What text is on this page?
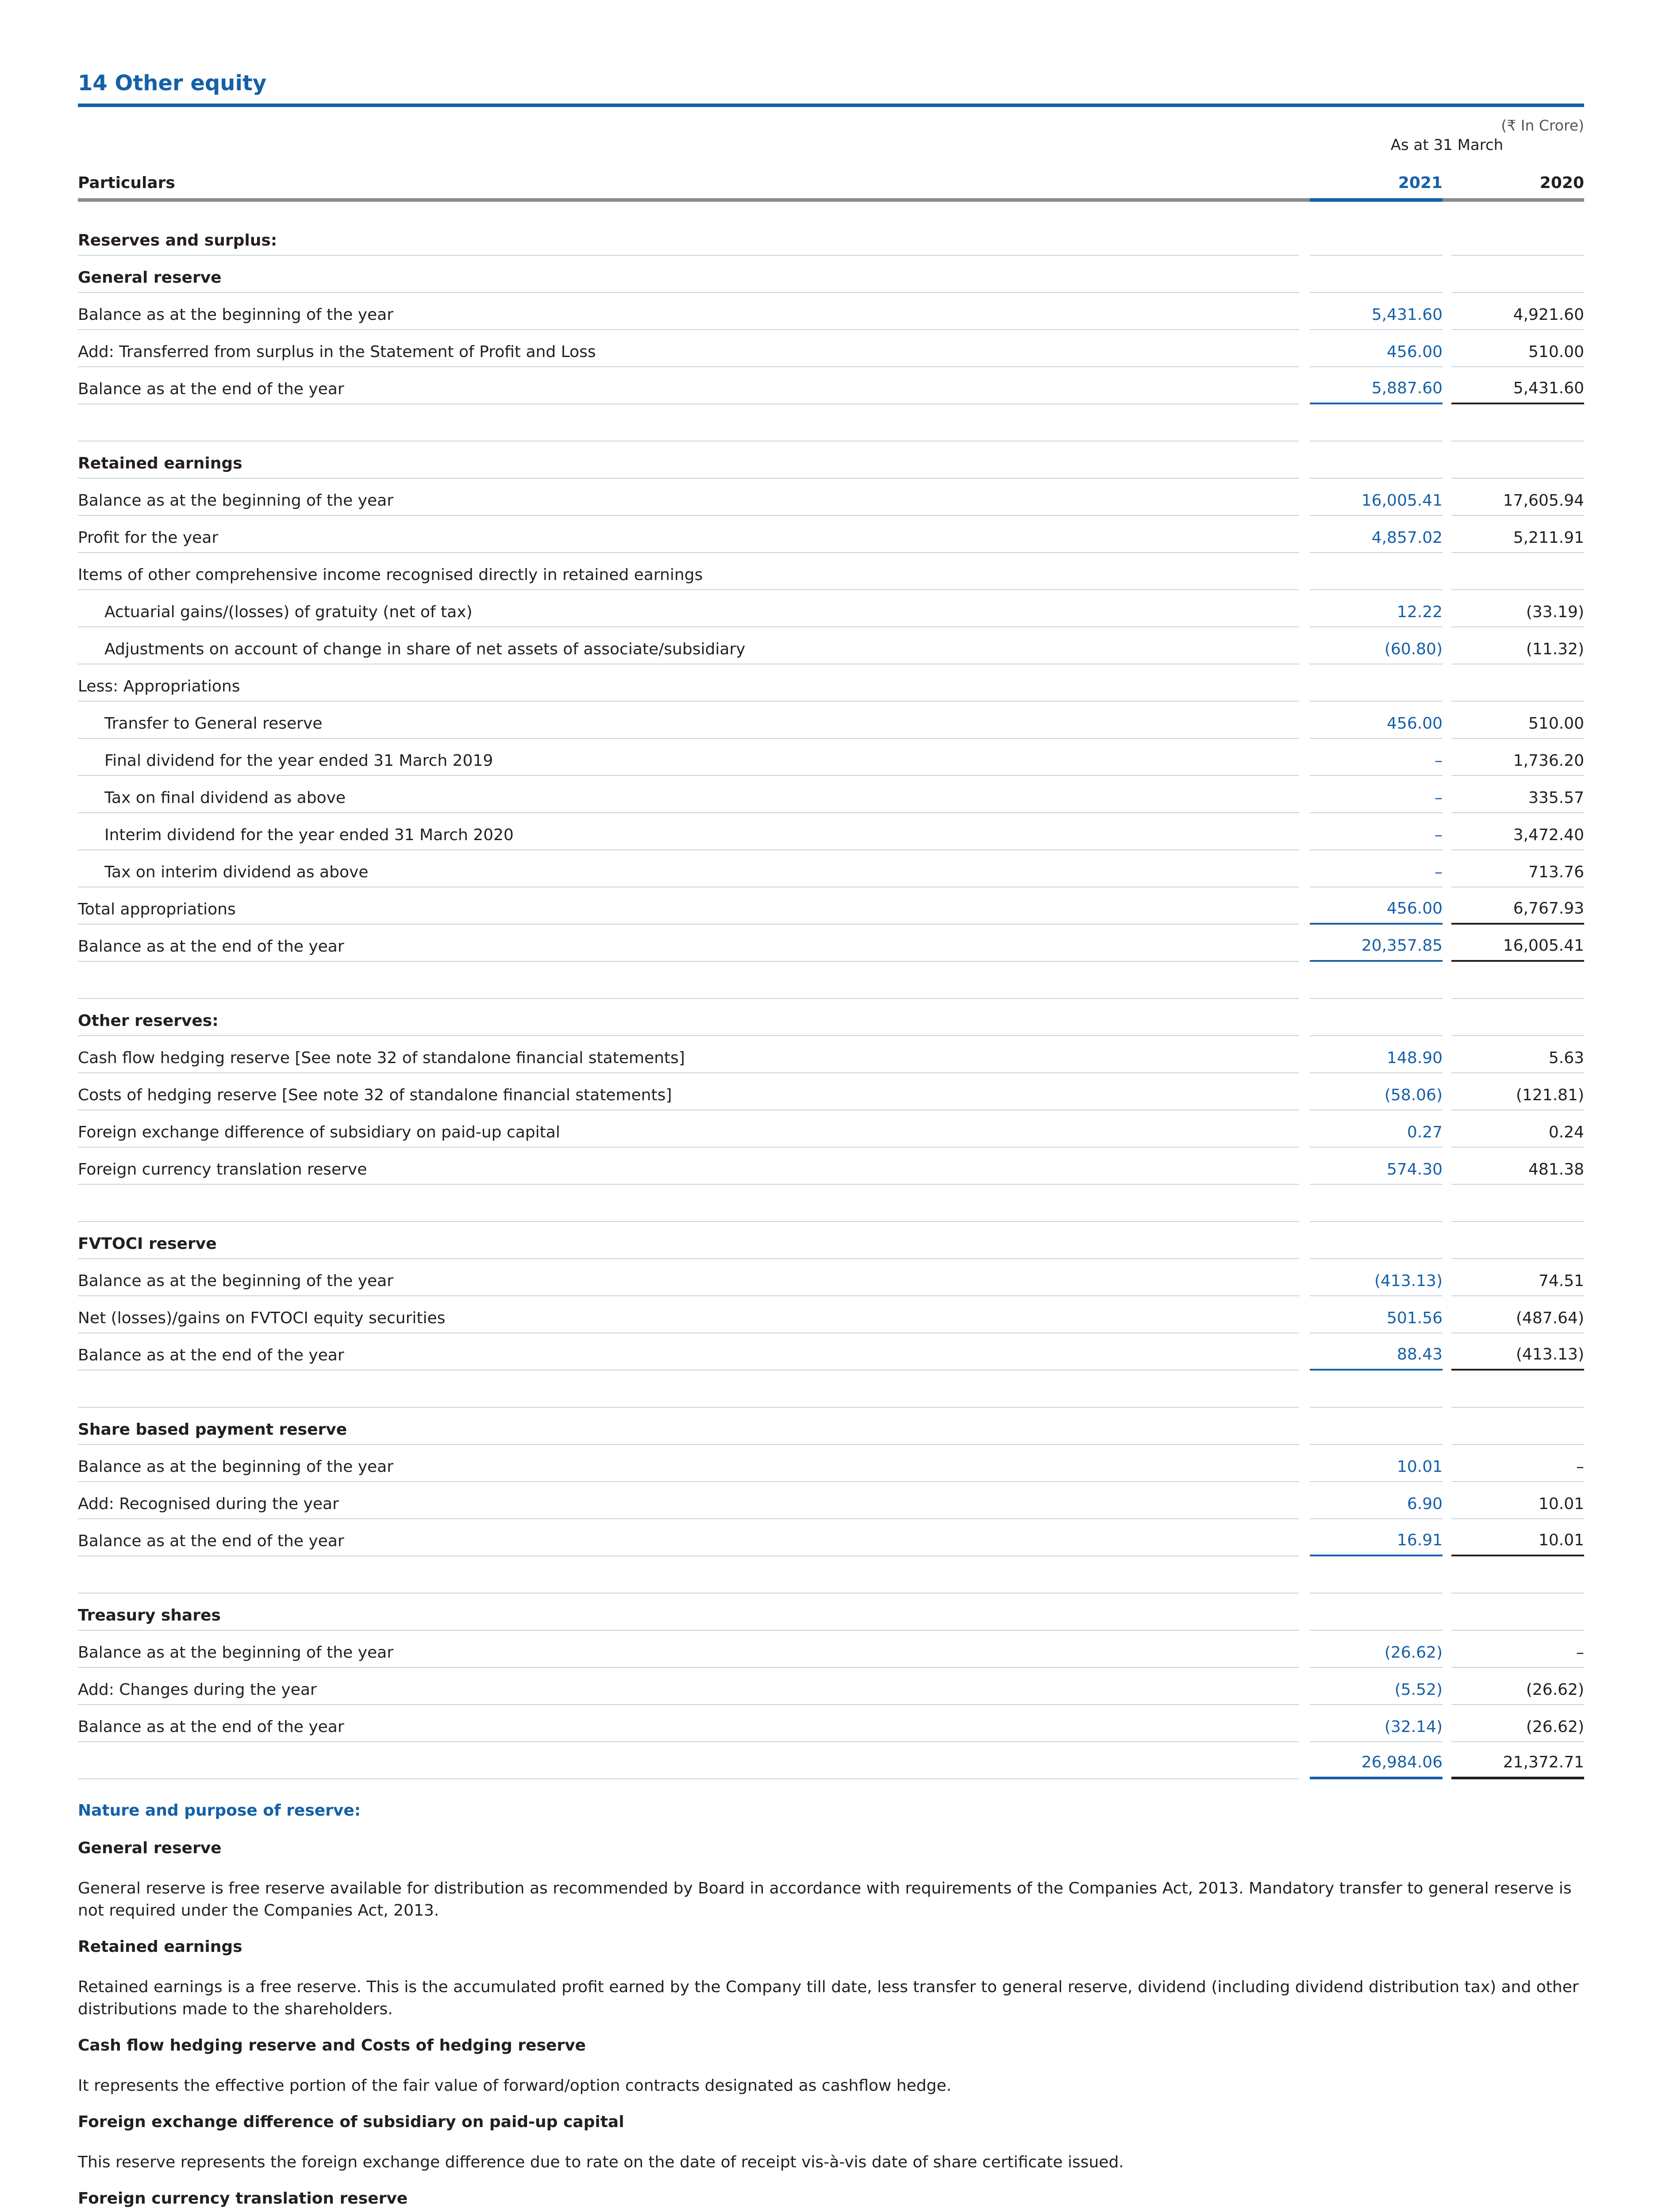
14 Other equity
(₹ In Crore)
As at 31 March
Particulars	2021	2020
Reserves and surplus:
General reserve
Balance as at the beginning of the year	5,431.60	4,921.60
Add: Transferred from surplus in the Statement of Profit and Loss	456.00	510.00
Balance as at the end of the year	5,887.60	5,431.60
Retained earnings
Balance as at the beginning of the year	16,005.41	17,605.94
Profit for the year	4,857.02	5,211.91
Items of other comprehensive income recognised directly in retained earnings
Actuarial gains/(losses) of gratuity (net of tax)	12.22	(33.19)
Adjustments on account of change in share of net assets of associate/subsidiary	(60.80)	(11.32)
Less: Appropriations
Transfer to General reserve	456.00	510.00
Final dividend for the year ended 31 March 2019	–	1,736.20
Tax on final dividend as above	–	335.57
Interim dividend for the year ended 31 March 2020	–	3,472.40
Tax on interim dividend as above	–	713.76
Total appropriations	456.00	6,767.93
Balance as at the end of the year	20,357.85	16,005.41
Other reserves:
Cash flow hedging reserve [See note 32 of standalone financial statements]	148.90	5.63
Costs of hedging reserve [See note 32 of standalone financial statements]	(58.06)	(121.81)
Foreign exchange difference of subsidiary on paid-up capital	0.27	0.24
Foreign currency translation reserve	574.30	481.38
FVTOCI reserve
Balance as at the beginning of the year	(413.13)	74.51
Net (losses)/gains on FVTOCI equity securities	501.56	(487.64)
Balance as at the end of the year	88.43	(413.13)
Share based payment reserve
Balance as at the beginning of the year	10.01	–
Add: Recognised during the year	6.90	10.01
Balance as at the end of the year	16.91	10.01
Treasury shares
Balance as at the beginning of the year	(26.62)	–
Add: Changes during the year	(5.52)	(26.62)
Balance as at the end of the year	(32.14)	(26.62)
26,984.06	21,372.71
Nature and purpose of reserve:
General reserve

General reserve is free reserve available for distribution as recommended by Board in accordance with requirements of the Companies Act, 2013. Mandatory transfer to general reserve is not required under the Companies Act, 2013.

Retained earnings

Retained earnings is a free reserve. This is the accumulated profit earned by the Company till date, less transfer to general reserve, dividend (including dividend distribution tax) and other distributions made to the shareholders.

Cash flow hedging reserve and Costs of hedging reserve

It represents the effective portion of the fair value of forward/option contracts designated as cashflow hedge.

Foreign exchange difference of subsidiary on paid-up capital

This reserve represents the foreign exchange difference due to rate on the date of receipt vis-à-vis date of share certificate issued.

Foreign currency translation reserve
